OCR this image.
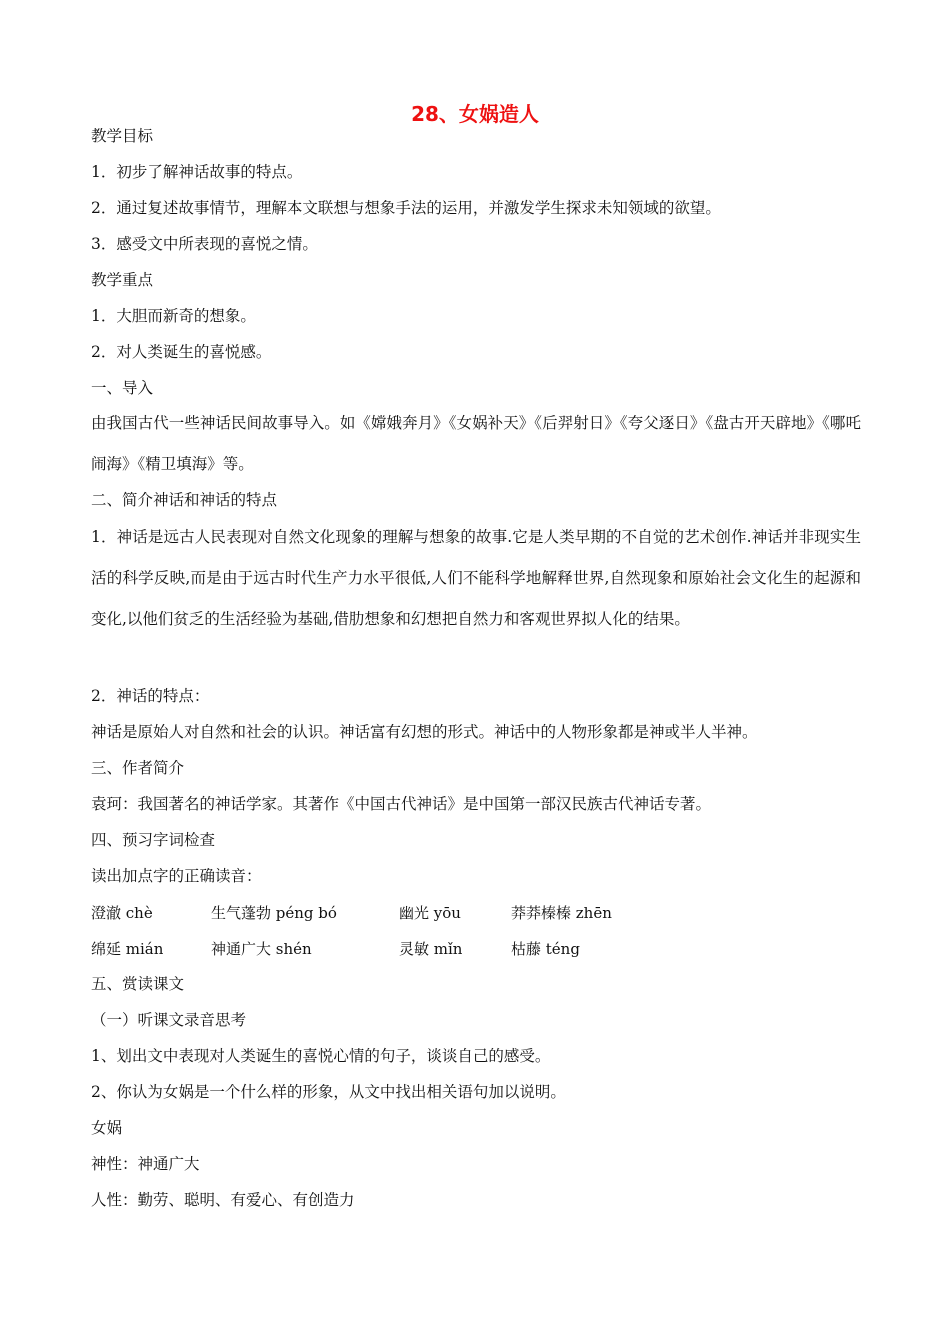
28、女娲造人
教学目标
1．初步了解神话故事的特点。
2．通过复述故事情节，理解本文联想与想象手法的运用，并激发学生探求未知领域的欲望。
3．感受文中所表现的喜悦之情。
教学重点
1．大胆而新奇的想象。
2．对人类诞生的喜悦感。
一、导入
由我国古代一些神话民间故事导入。如《嫦娥奔月》《女娲补天》《后羿射日》《夸父逐日》《盘古开天辟地》《哪吒闹海》《精卫填海》等。
二、简介神话和神话的特点
1．神话是远古人民表现对自然文化现象的理解与想象的故事.它是人类早期的不自觉的艺术创作.神话并非现实生活的科学反映,而是由于远古时代生产力水平很低,人们不能科学地解释世界,自然现象和原始社会文化生的起源和变化,以他们贫乏的生活经验为基础,借肋想象和幻想把自然力和客观世界拟人化的结果。
2．神话的特点：
神话是原始人对自然和社会的认识。神话富有幻想的形式。神话中的人物形象都是神或半人半神。
三、作者简介
袁珂：我国著名的神话学家。其著作《中国古代神话》是中国第一部汉民族古代神话专著。
四、预习字词检查
读出加点字的正确读音：
澄澈 chè	生气蓬勃 péng bó	幽光 yōu	莽莽榛榛 zhēn
绵延 mián	神通广大 shén	灵敏 mǐn	枯藤 téng
五、赏读课文
（一）听课文录音思考
1、划出文中表现对人类诞生的喜悦心情的句子，谈谈自己的感受。
2、你认为女娲是一个什么样的形象，从文中找出相关语句加以说明。
女娲
神性：神通广大
人性：勤劳、聪明、有爱心、有创造力
